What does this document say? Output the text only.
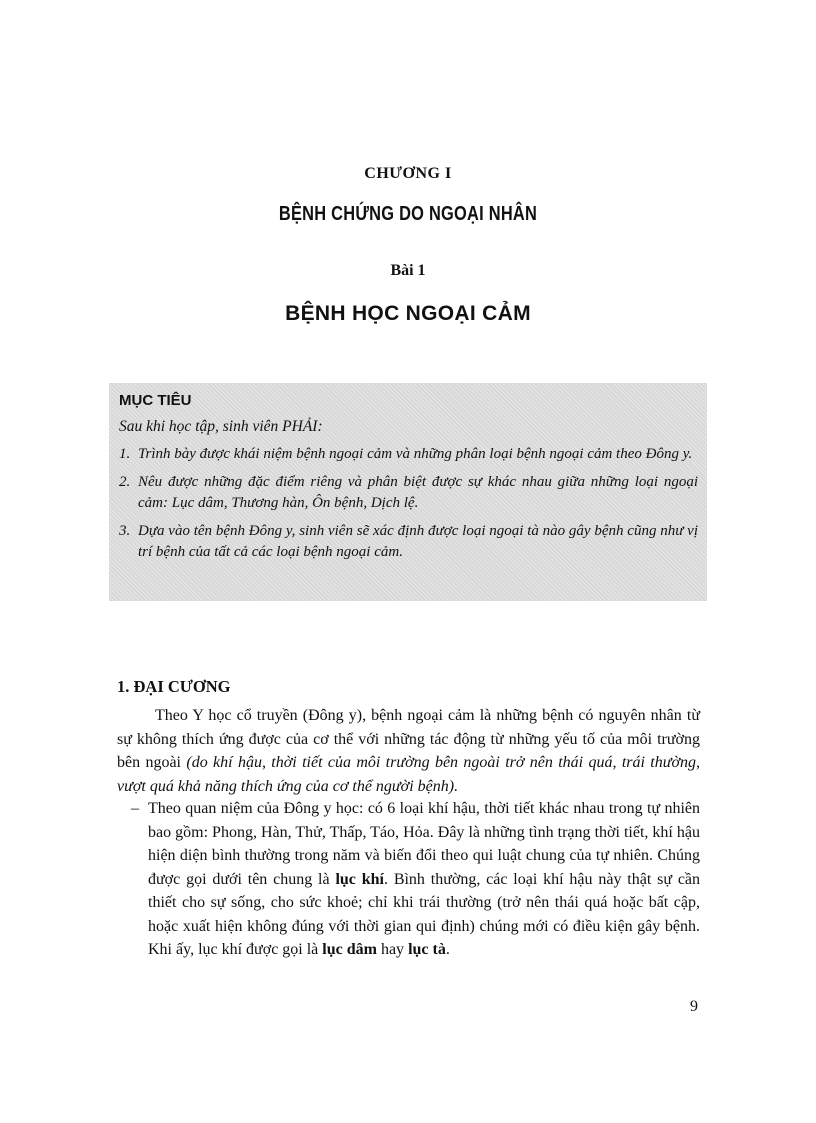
CHƯƠNG I
BỆNH CHỨNG DO NGOẠI NHÂN
Bài 1
BỆNH HỌC NGOẠI CẢM
MỤC TIÊU
Sau khi học tập, sinh viên PHẢI:
1. Trình bày được khái niệm bệnh ngoại cảm và những phân loại bệnh ngoại cảm theo Đông y.
2. Nêu được những đặc điểm riêng và phân biệt được sự khác nhau giữa những loại ngoại cảm: Lục dâm, Thương hàn, Ôn bệnh, Dịch lệ.
3. Dựa vào tên bệnh Đông y, sinh viên sẽ xác định được loại ngoại tà nào gây bệnh cũng như vị trí bệnh của tất cả các loại bệnh ngoại cảm.
1. ĐẠI CƯƠNG

Theo Y học cổ truyền (Đông y), bệnh ngoại cảm là những bệnh có nguyên nhân từ sự không thích ứng được của cơ thể với những tác động từ những yếu tố của môi trường bên ngoài (do khí hậu, thời tiết của môi trường bên ngoài trở nên thái quá, trái thường, vượt quá khả năng thích ứng của cơ thể người bệnh).

– Theo quan niệm của Đông y học: có 6 loại khí hậu, thời tiết khác nhau trong tự nhiên bao gồm: Phong, Hàn, Thử, Thấp, Táo, Hỏa. Đây là những tình trạng thời tiết, khí hậu hiện diện bình thường trong năm và biến đổi theo qui luật chung của tự nhiên. Chúng được gọi dưới tên chung là lục khí. Bình thường, các loại khí hậu này thật sự cần thiết cho sự sống, cho sức khoẻ; chỉ khi trái thường (trở nên thái quá hoặc bất cập, hoặc xuất hiện không đúng với thời gian qui định) chúng mới có điều kiện gây bệnh. Khi ấy, lục khí được gọi là lục dâm hay lục tà.

9
